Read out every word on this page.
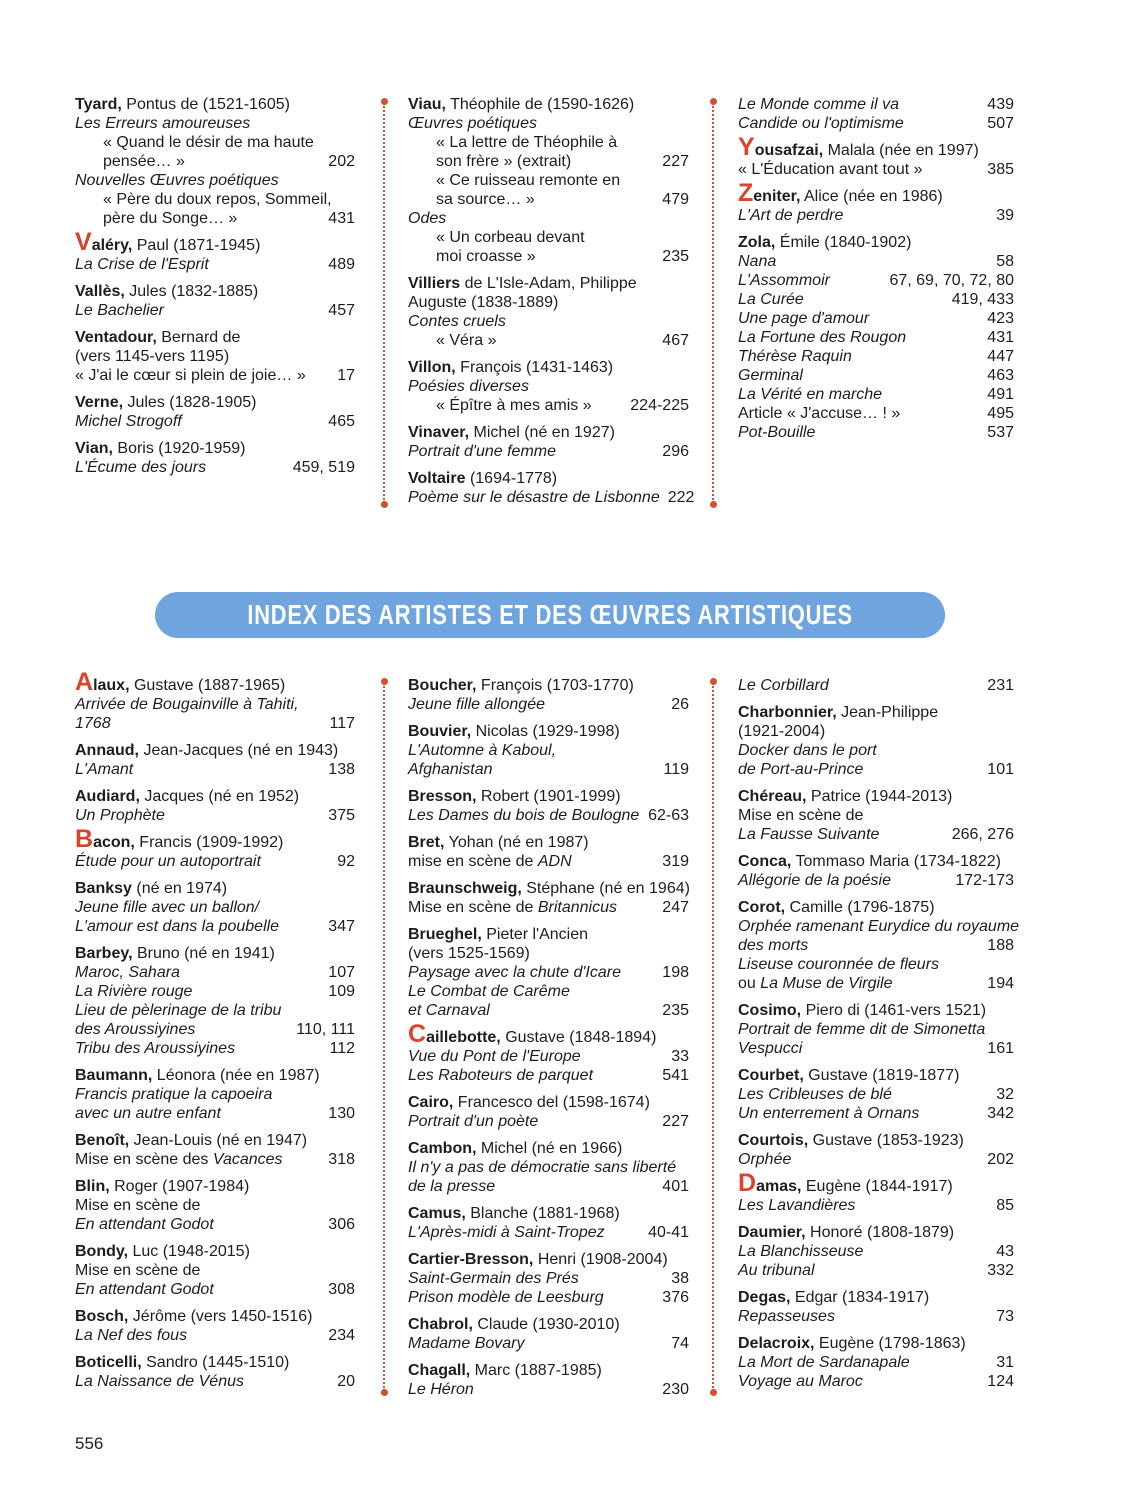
Tyard, Pontus de (1521-1605)
Les Erreurs amoureuses
« Quand le désir de ma haute
pensée… »	202
Nouvelles Œuvres poétiques
« Père du doux repos, Sommeil,
père du Songe… »	431
Valéry, Paul (1871-1945)
La Crise de l'Esprit	489
Vallès, Jules (1832-1885)
Le Bachelier	457
Ventadour, Bernard de
(vers 1145-vers 1195)
« J'ai le cœur si plein de joie… »	17
Verne, Jules (1828-1905)
Michel Strogoff	465
Vian, Boris (1920-1959)
L'Écume des jours	459, 519
Viau, Théophile de (1590-1626)
Œuvres poétiques
« La lettre de Théophile à
son frère » (extrait)	227
« Ce ruisseau remonte en
sa source… »	479
Odes
« Un corbeau devant
moi croasse »	235
Villiers de L'Isle-Adam, Philippe
Auguste (1838-1889)
Contes cruels
« Véra »	467
Villon, François (1431-1463)
Poésies diverses
« Épître à mes amis »	224-225
Vinaver, Michel (né en 1927)
Portrait d'une femme	296
Voltaire (1694-1778)
Poème sur le désastre de Lisbonne 222
Le Monde comme il va	439
Candide ou l'optimisme	507
Yousafzai, Malala (née en 1997)
« L'Éducation avant tout »	385
Zeniter, Alice (née en 1986)
L'Art de perdre	39
Zola, Émile (1840-1902)
Nana	58
L'Assommoir	67, 69, 70, 72, 80
La Curée	419, 433
Une page d'amour	423
La Fortune des Rougon	431
Thérèse Raquin	447
Germinal	463
La Vérité en marche	491
Article « J'accuse… ! »	495
Pot-Bouille	537
INDEX DES ARTISTES ET DES ŒUVRES ARTISTIQUES
Alaux, Gustave (1887-1965)
Arrivée de Bougainville à Tahiti,
1768	117
Annaud, Jean-Jacques (né en 1943)
L'Amant	138
Audiard, Jacques (né en 1952)
Un Prophète	375
Bacon, Francis (1909-1992)
Étude pour un autoportrait	92
Banksy (né en 1974)
Jeune fille avec un ballon/
L'amour est dans la poubelle	347
Barbey, Bruno (né en 1941)
Maroc, Sahara	107
La Rivière rouge	109
Lieu de pèlerinage de la tribu
des Aroussiyines	110, 111
Tribu des Aroussiyines	112
Baumann, Léonora (née en 1987)
Francis pratique la capoeira
avec un autre enfant	130
Benoît, Jean-Louis (né en 1947)
Mise en scène des Vacances	318
Blin, Roger (1907-1984)
Mise en scène de
En attendant Godot	306
Bondy, Luc (1948-2015)
Mise en scène de
En attendant Godot	308
Bosch, Jérôme (vers 1450-1516)
La Nef des fous	234
Boticelli, Sandro (1445-1510)
La Naissance de Vénus	20
Boucher, François (1703-1770)
Jeune fille allongée	26
Bouvier, Nicolas (1929-1998)
L'Automne à Kaboul,
Afghanistan	119
Bresson, Robert (1901-1999)
Les Dames du bois de Boulogne 62-63
Bret, Yohan (né en 1987)
mise en scène de ADN	319
Braunschweig, Stéphane (né en 1964)
Mise en scène de Britannicus	247
Brueghel, Pieter l'Ancien
(vers 1525-1569)
Paysage avec la chute d'Icare	198
Le Combat de Carême
et Carnaval	235
Caillebotte, Gustave (1848-1894)
Vue du Pont de l'Europe	33
Les Raboteurs de parquet	541
Cairo, Francesco del (1598-1674)
Portrait d'un poète	227
Cambon, Michel (né en 1966)
Il n'y a pas de démocratie sans liberté
de la presse	401
Camus, Blanche (1881-1968)
L'Après-midi à Saint-Tropez	40-41
Cartier-Bresson, Henri (1908-2004)
Saint-Germain des Prés	38
Prison modèle de Leesburg	376
Chabrol, Claude (1930-2010)
Madame Bovary	74
Chagall, Marc (1887-1985)
Le Héron	230
Le Corbillard	231
Charbonnier, Jean-Philippe
(1921-2004)
Docker dans le port
de Port-au-Prince	101
Chéreau, Patrice (1944-2013)
Mise en scène de
La Fausse Suivante	266, 276
Conca, Tommaso Maria (1734-1822)
Allégorie de la poésie	172-173
Corot, Camille (1796-1875)
Orphée ramenant Eurydice du royaume
des morts	188
Liseuse couronnée de fleurs
ou La Muse de Virgile	194
Cosimo, Piero di (1461-vers 1521)
Portrait de femme dit de Simonetta
Vespucci	161
Courbet, Gustave (1819-1877)
Les Cribleuses de blé	32
Un enterrement à Ornans	342
Courtois, Gustave (1853-1923)
Orphée	202
Damas, Eugène (1844-1917)
Les Lavandières	85
Daumier, Honoré (1808-1879)
La Blanchisseuse	43
Au tribunal	332
Degas, Edgar (1834-1917)
Repasseuses	73
Delacroix, Eugène (1798-1863)
La Mort de Sardanapale	31
Voyage au Maroc	124
556
